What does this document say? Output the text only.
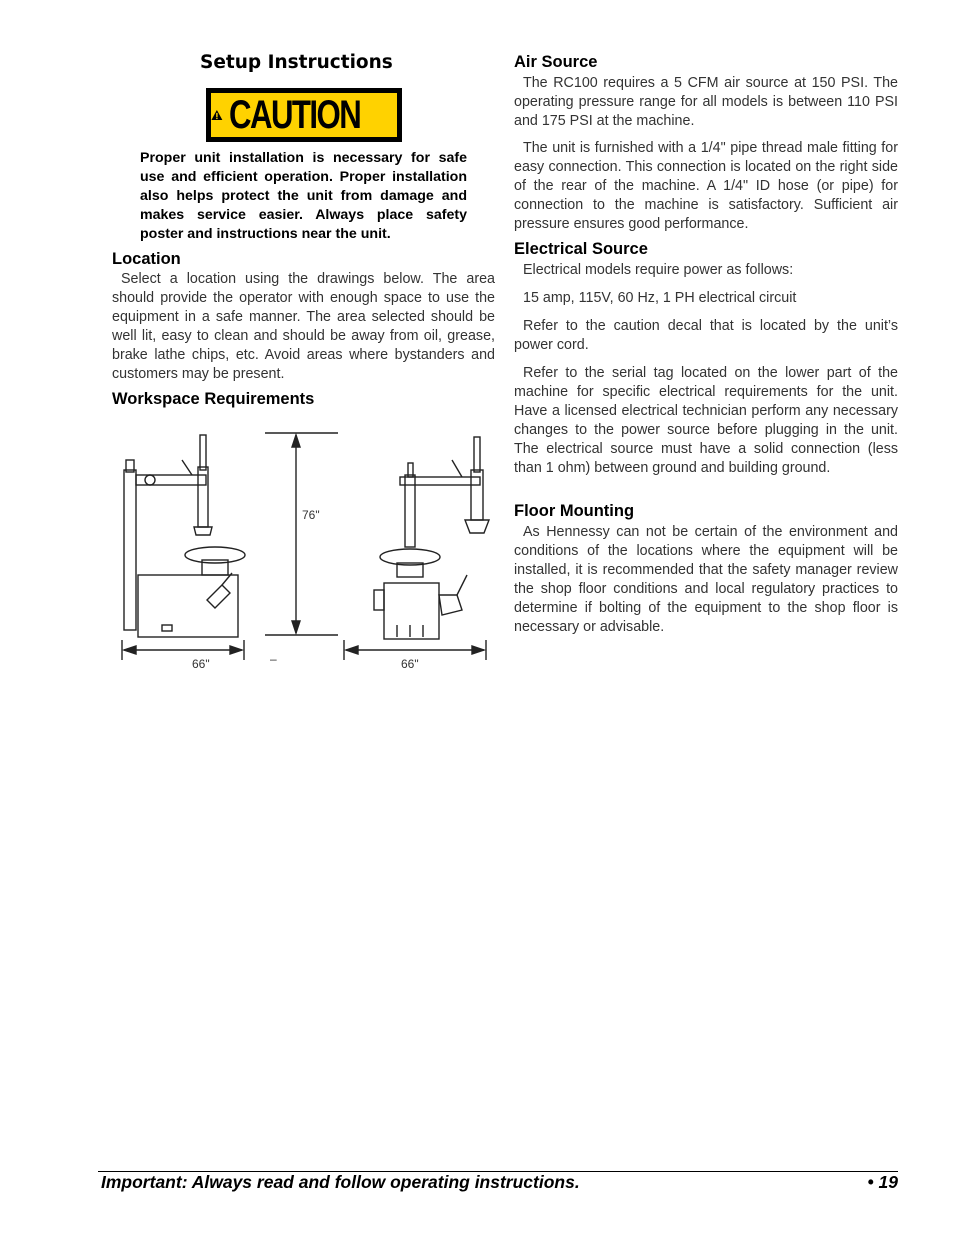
Setup Instructions
CAUTION

Proper unit installation is necessary for safe use and efficient operation. Proper installation also helps protect the unit from damage and makes service easier. Always place safety poster and instructions near the unit.

Location

Select a location using the drawings below. The area should provide the operator with enough space to use the equipment in a safe manner. The area selected should be well lit, easy to clean and should be away from oil, grease, brake lathe chips, etc. Avoid areas where bystanders and customers may be present.

Workspace Requirements
76"
66"	–	66"
Air Source

The RC100 requires a 5 CFM air source at 150 PSI. The operating pressure range for all models is between 110 PSI and 175 PSI at the machine.

The unit is furnished with a 1/4" pipe thread male fitting for easy connection. This connection is located on the right side of the rear of the machine. A 1/4" ID hose (or pipe) for connection to the machine is satisfactory. Sufficient air pressure ensures good performance.

Electrical Source

Electrical models require power as follows:

15 amp, 115V, 60 Hz, 1 PH electrical circuit

Refer to the caution decal that is located by the unit’s power cord.

Refer to the serial tag located on the lower part of the machine for specific electrical requirements for the unit. Have a licensed electrical technician perform any necessary changes to the power source before plugging in the unit. The electrical source must have a solid connection (less than 1 ohm) between ground and building ground.

Floor Mounting

As Hennessy can not be certain of the environment and conditions of the locations where the equipment will be installed, it is recommended that the safety manager review the shop floor conditions and local regulatory practices to determine if bolting of the equipment to the shop floor is necessary or advisable.

Important: Always read and follow operating instructions.	• 19
